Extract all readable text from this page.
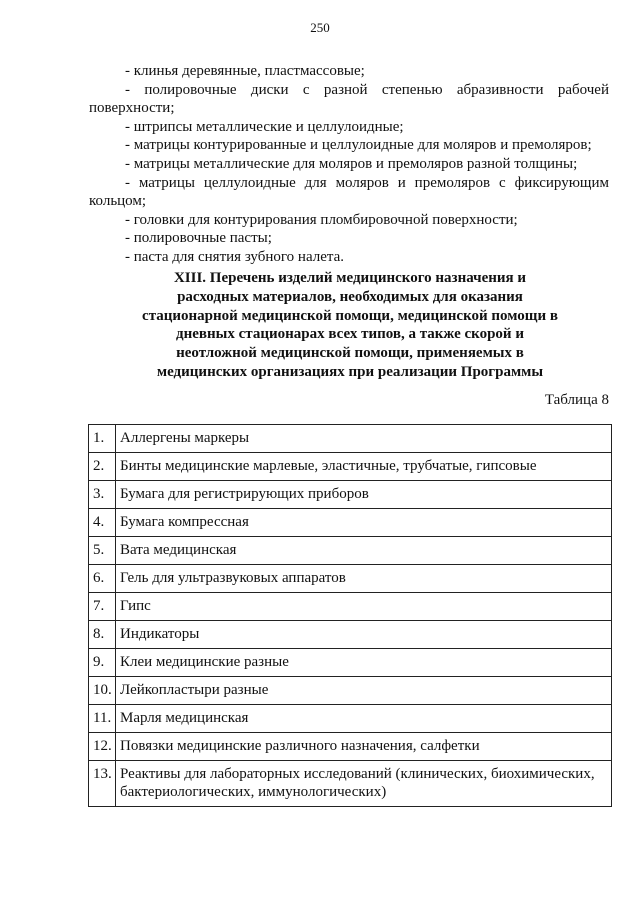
250

- клинья деревянные, пластмассовые;

- полировочные диски с разной степенью абразивности рабочей поверхности;

- штрипсы металлические и целлулоидные;

- матрицы контурированные и целлулоидные для моляров и премоляров;

- матрицы металлические для моляров и премоляров разной толщины;

- матрицы целлулоидные для моляров и премоляров с фиксирующим кольцом;

- головки для контурирования пломбировочной поверхности;

- полировочные пасты;

- паста для снятия зубного налета.

XIII. Перечень изделий медицинского назначения и
расходных материалов, необходимых для оказания
стационарной медицинской помощи, медицинской помощи в
дневных стационарах всех типов, а также скорой и
неотложной медицинской помощи, применяемых в
медицинских организациях при реализации Программы
Таблица 8
1.	Аллергены маркеры
2.	Бинты медицинские марлевые, эластичные, трубчатые, гипсовые
3.	Бумага для регистрирующих приборов
4.	Бумага компрессная
5.	Вата медицинская
6.	Гель для ультразвуковых аппаратов
7.	Гипс
8.	Индикаторы
9.	Клеи медицинские разные
10.	Лейкопластыри разные
11.	Марля медицинская
12.	Повязки медицинские различного назначения, салфетки
13.	Реактивы для лабораторных исследований (клинических, биохимических, бактериологических, иммунологических)
